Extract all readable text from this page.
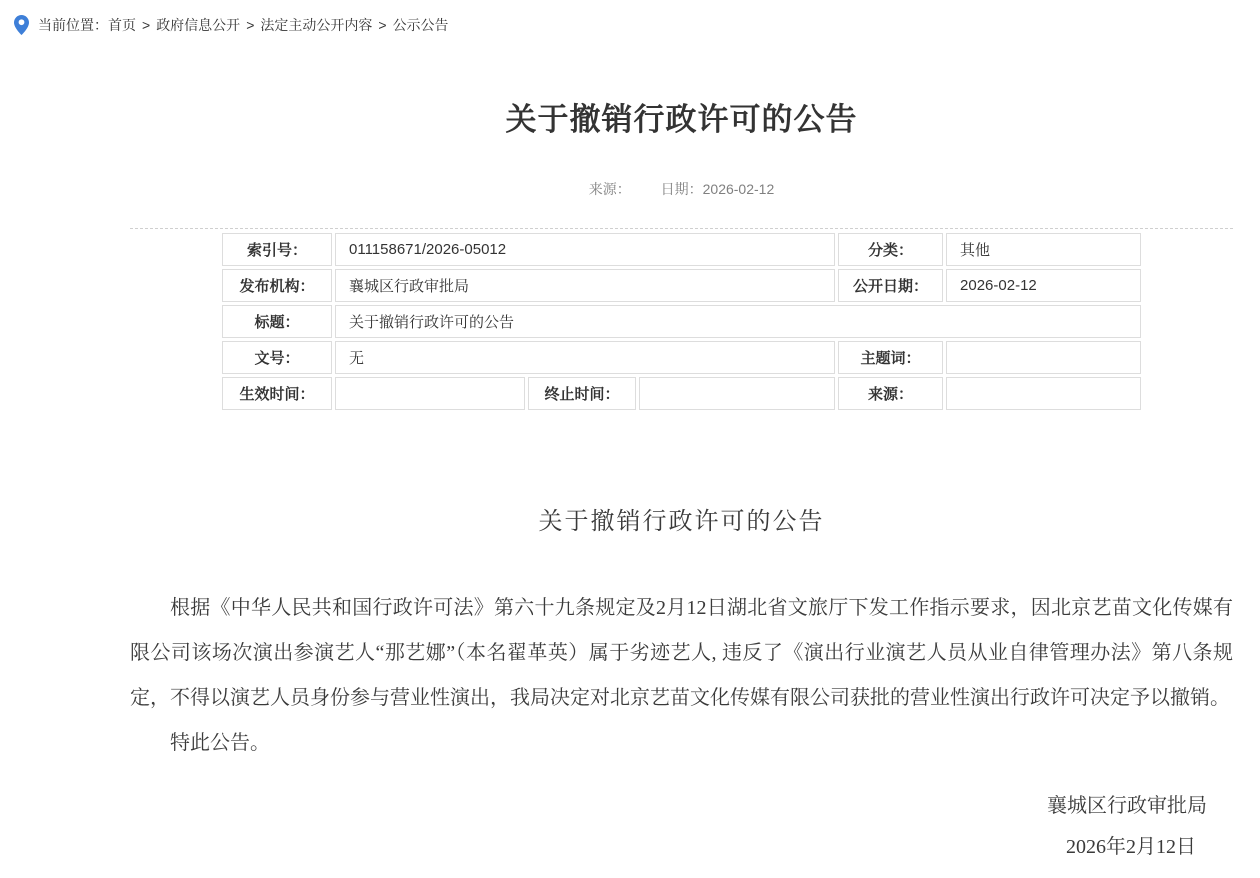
当前位置： 首页 > 政府信息公开 > 法定主动公开内容 > 公示公告
关于撤销行政许可的公告
来源： 日期：2026-02-12
索引号：	011158671/2026-05012			分类：	其他
发布机构：	襄城区行政审批局			公开日期：	2026-02-12
标题：	关于撤销行政许可的公告				
文号：	无			主题词：	
生效时间：		终止时间：		来源：	
关于撤销行政许可的公告

根据《中华人民共和国行政许可法》第六十九条规定及2月12日湖北省文旅厅下发工作指示要求，因北京艺苗文化传媒有限公司该场次演出参演艺人“那艺娜”（本名翟革英）属于劣迹艺人, 违反了《演出行业演艺人员从业自律管理办法》第八条规定，不得以演艺人员身份参与营业性演出，我局决定对北京艺苗文化传媒有限公司获批的营业性演出行政许可决定予以撤销。

特此公告。

襄城区行政审批局
2026年2月12日
